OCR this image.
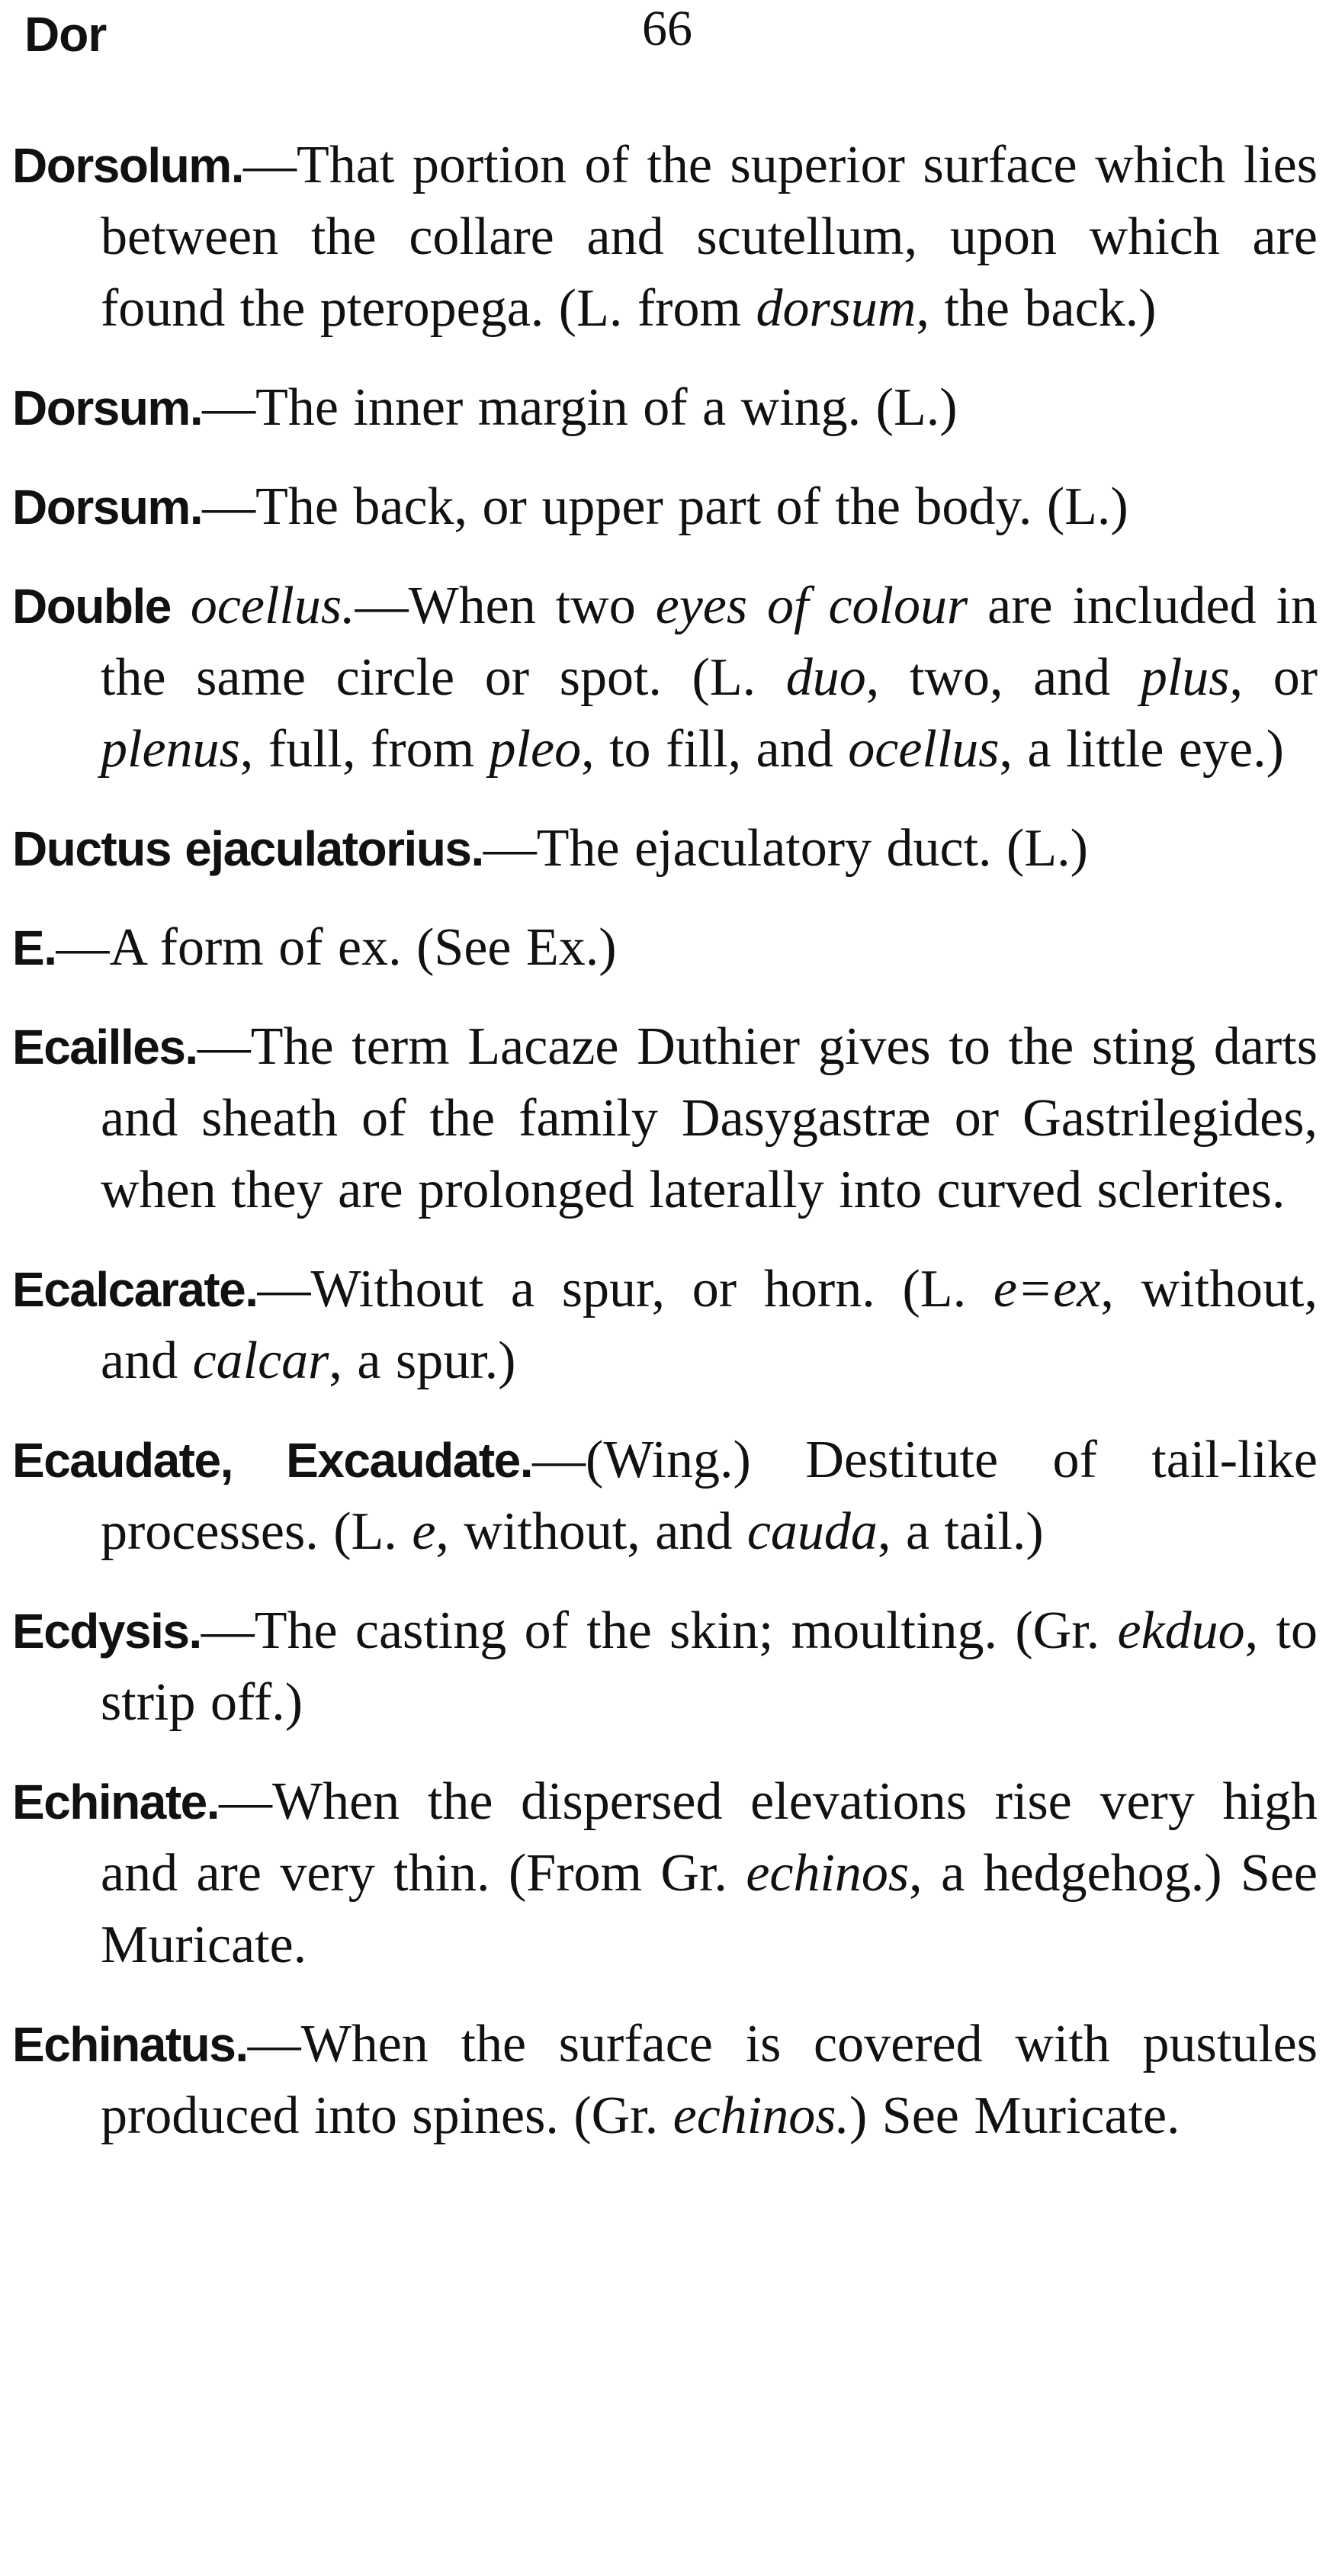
Dor	66

Dorsolum.—That portion of the superior surface which lies between the collare and scutellum, upon which are found the pteropega. (L. from dorsum, the back.)

Dorsum.—The inner margin of a wing. (L.)

Dorsum.—The back, or upper part of the body. (L.)

Double ocellus.—When two eyes of colour are included in the same circle or spot. (L. duo, two, and plus, or plenus, full, from pleo, to fill, and ocellus, a little eye.)

Ductus ejaculatorius.—The ejaculatory duct. (L.)

E.—A form of ex. (See Ex.)

Ecailles.—The term Lacaze Duthier gives to the sting darts and sheath of the family Dasygastræ or Gastrilegides, when they are prolonged laterally into curved sclerites.

Ecalcarate.—Without a spur, or horn. (L. e=ex, without, and calcar, a spur.)

Ecaudate, Excaudate.—(Wing.) Destitute of tail-like processes. (L. e, without, and cauda, a tail.)

Ecdysis.—The casting of the skin; moulting. (Gr. ekduo, to strip off.)

Echinate.—When the dispersed elevations rise very high and are very thin. (From Gr. echinos, a hedgehog.) See Muricate.

Echinatus.—When the surface is covered with pustules produced into spines. (Gr. echinos.) See Muricate.
